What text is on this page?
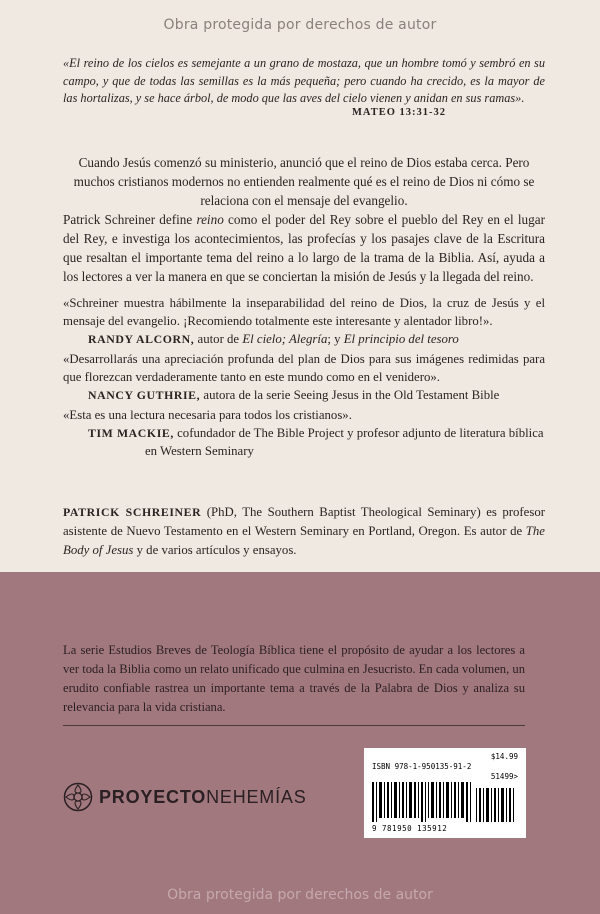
Obra protegida por derechos de autor
«El reino de los cielos es semejante a un grano de mostaza, que un hombre tomó y sembró en su campo, y que de todas las semillas es la más pequeña; pero cuando ha crecido, es la mayor de las hortalizas, y se hace árbol, de modo que las aves del cielo vienen y anidan en sus ramas».
MATEO 13:31-32

Cuando Jesús comenzó su ministerio, anunció que el reino de Dios estaba cerca. Pero muchos cristianos modernos no entienden realmente qué es el reino de Dios ni cómo se relaciona con el mensaje del evangelio.

Patrick Schreiner define reino como el poder del Rey sobre el pueblo del Rey en el lugar del Rey, e investiga los acontecimientos, las profecías y los pasajes clave de la Escritura que resaltan el importante tema del reino a lo largo de la trama de la Biblia. Así, ayuda a los lectores a ver la manera en que se conciertan la misión de Jesús y la llegada del reino.

«Schreiner muestra hábilmente la inseparabilidad del reino de Dios, la cruz de Jesús y el mensaje del evangelio. ¡Recomiendo totalmente este interesante y alentador libro!».
RANDY ALCORN, autor de El cielo; Alegría; y El principio del tesoro
«Desarrollarás una apreciación profunda del plan de Dios para sus imágenes redimidas para que florezcan verdaderamente tanto en este mundo como en el venidero».
NANCY GUTHRIE, autora de la serie Seeing Jesus in the Old Testament Bible
«Esta es una lectura necesaria para todos los cristianos».
TIM MACKIE, cofundador de The Bible Project y profesor adjunto de literatura bíblica
en Western Seminary
PATRICK SCHREINER (PhD, The Southern Baptist Theological Seminary) es profesor asistente de Nuevo Testamento en el Western Seminary en Portland, Oregon. Es autor de The Body of Jesus y de varios artículos y ensayos.
La serie Estudios Breves de Teología Bíblica tiene el propósito de ayudar a los lectores a ver toda la Biblia como un relato unificado que culmina en Jesucristo. En cada volumen, un erudito confiable rastrea un importante tema a través de la Palabra de Dios y analiza su relevancia para la vida cristiana.
PROYECTONEHEMÍAS
$14.99
ISBN 978-1-950135-91-2
51499>
9 781950 135912
Obra protegida por derechos de autor
